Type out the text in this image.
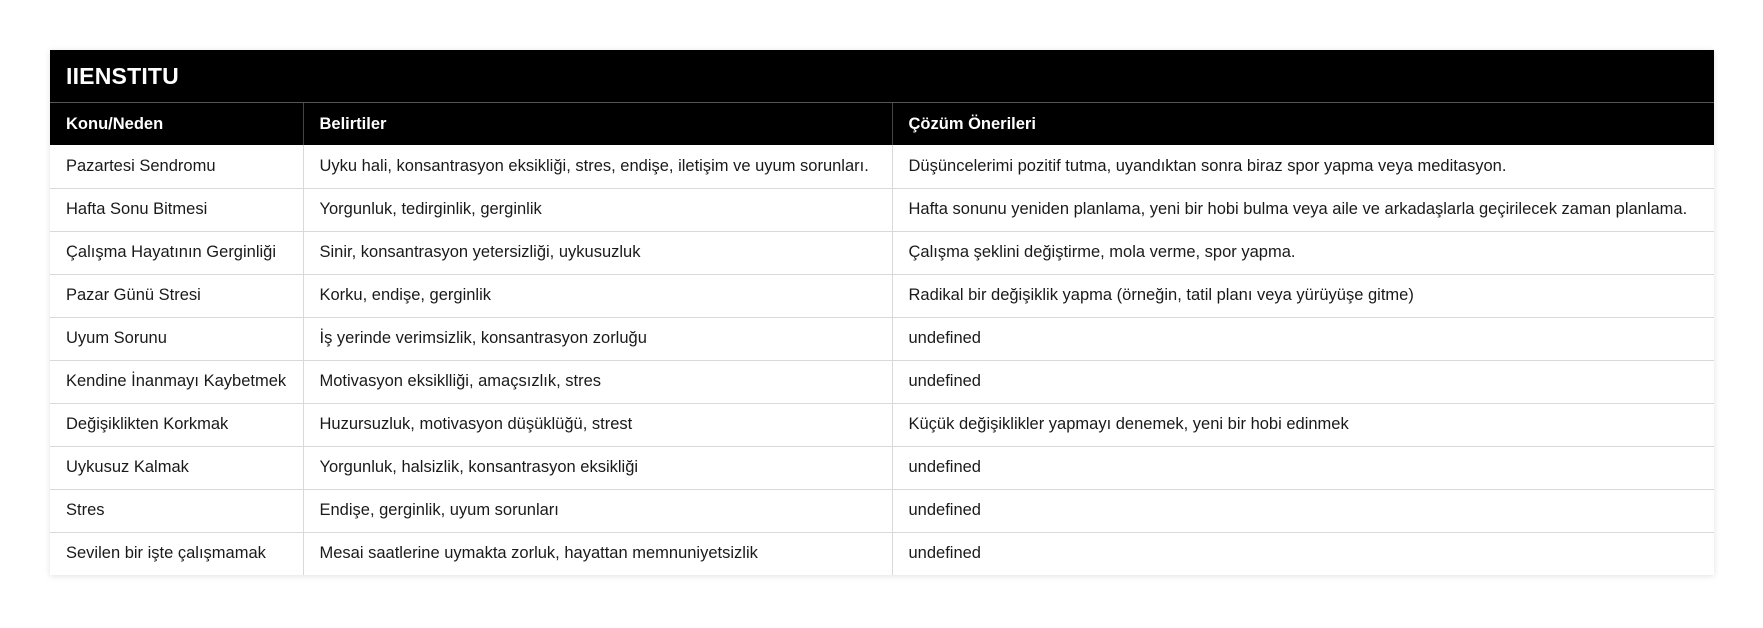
IIENSTITU
Konu/Neden	Belirtiler	Çözüm Önerileri
Pazartesi Sendromu	Uyku hali, konsantrasyon eksikliği, stres, endişe, iletişim ve uyum sorunları.	Düşüncelerimi pozitif tutma, uyandıktan sonra biraz spor yapma veya meditasyon.
Hafta Sonu Bitmesi	Yorgunluk, tedirginlik, gerginlik	Hafta sonunu yeniden planlama, yeni bir hobi bulma veya aile ve arkadaşlarla geçirilecek zaman planlama.
Çalışma Hayatının Gerginliği	Sinir, konsantrasyon yetersizliği, uykusuzluk	Çalışma şeklini değiştirme, mola verme, spor yapma.
Pazar Günü Stresi	Korku, endişe, gerginlik	Radikal bir değişiklik yapma (örneğin, tatil planı veya yürüyüşe gitme)
Uyum Sorunu	İş yerinde verimsizlik, konsantrasyon zorluğu	undefined
Kendine İnanmayı Kaybetmek	Motivasyon eksiklliği, amaçsızlık, stres	undefined
Değişiklikten Korkmak	Huzursuzluk, motivasyon düşüklüğü, strest	Küçük değişiklikler yapmayı denemek, yeni bir hobi edinmek
Uykusuz Kalmak	Yorgunluk, halsizlik, konsantrasyon eksikliği	undefined
Stres	Endişe, gerginlik, uyum sorunları	undefined
Sevilen bir işte çalışmamak	Mesai saatlerine uymakta zorluk, hayattan memnuniyetsizlik	undefined
